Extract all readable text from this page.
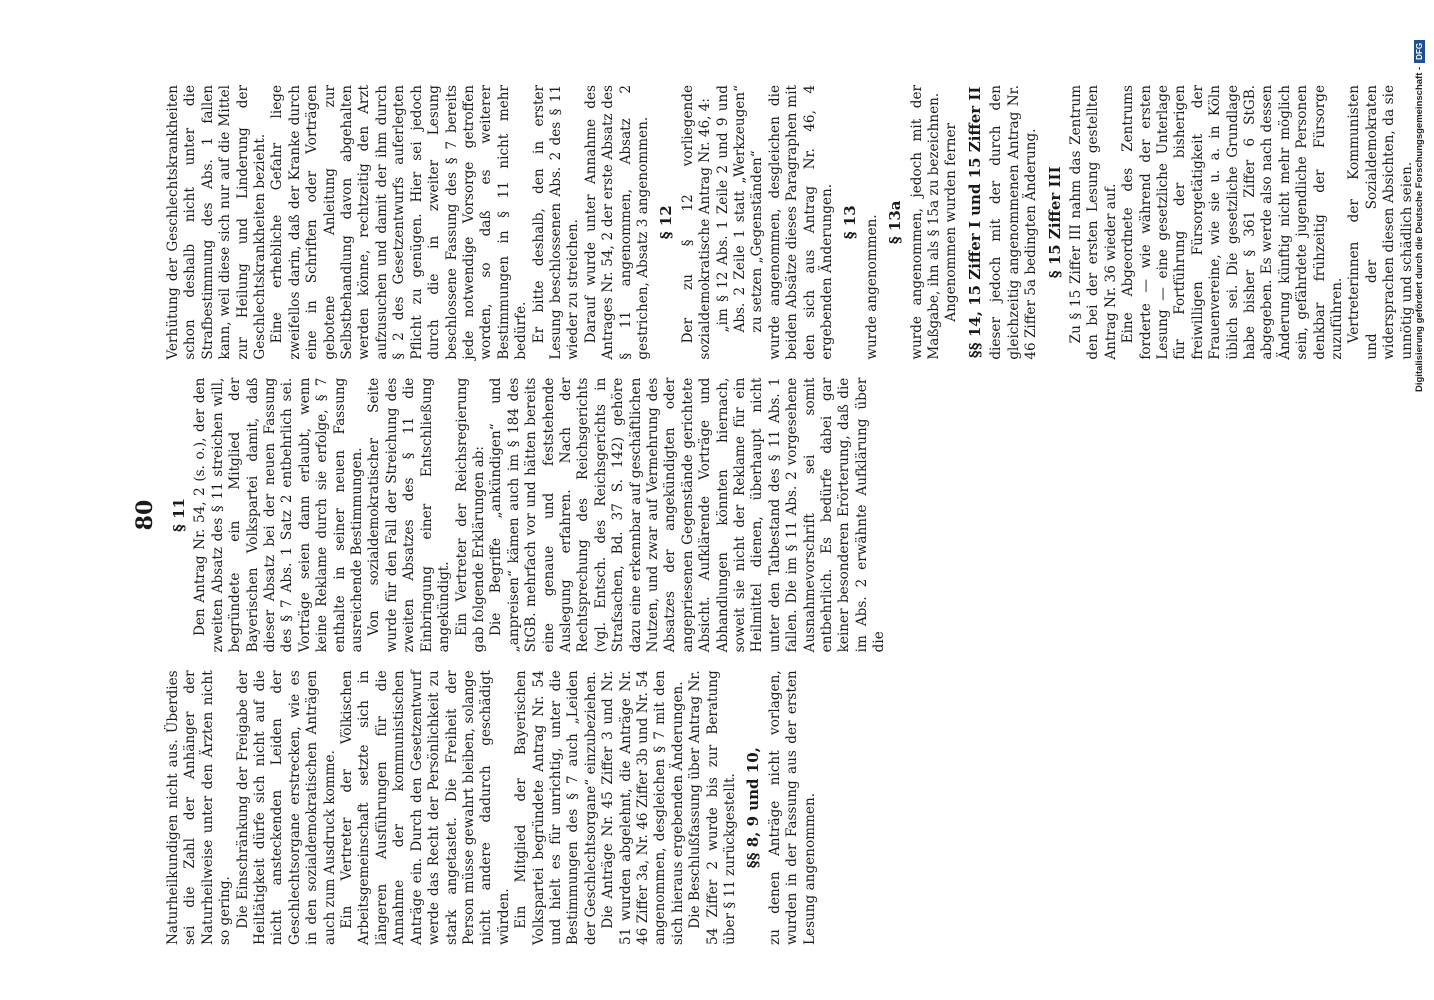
80

Naturheilkundigen nicht aus. Überdies sei die Zahl der Anhänger der Naturheilweise unter den Ärzten nicht so gering. Die Einschränkung der Freigabe der Heiltätigkeit dürfe sich nicht auf die nicht ansteckenden Leiden der Geschlechtsorgane erstrecken, wie es in den sozialdemokratischen Anträgen auch zum Ausdruck komme. Ein Vertreter der Völkischen Arbeitsgemeinschaft setzte sich in längeren Ausführungen für die Annahme der kommunistischen Anträge ein. Durch den Gesetzentwurf werde das Recht der Persönlichkeit zu stark angetastet. Die Freiheit der Person müsse gewahrt bleiben, solange nicht andere dadurch geschädigt würden. Ein Mitglied der Bayerischen Volkspartei begründete Antrag Nr. 54 und hielt es für unrichtig, unter die Bestimmungen des § 7 auch „Leiden der Geschlechtsorgane“ einzubeziehen. Die Anträge Nr. 45 Ziffer 3 und Nr. 51 wurden abgelehnt, die Anträge Nr. 46 Ziffer 3a, Nr. 46 Ziffer 3b und Nr. 54 angenommen, desgleichen § 7 mit den sich hieraus ergebenden Änderungen. Die Beschlußfassung über Antrag Nr. 54 Ziffer 2 wurde bis zur Beratung über § 11 zurückgestellt. §§ 8, 9 und 10, zu denen Anträge nicht vorlagen, wurden in der Fassung aus der ersten Lesung angenommen.

§ 11 Den Antrag Nr. 54, 2 (s. o.), der den zweiten Absatz des § 11 streichen will, begründete ein Mitglied der Bayerischen Volkspartei damit, daß dieser Absatz bei der neuen Fassung des § 7 Abs. 1 Satz 2 entbehrlich sei. Vorträge seien dann erlaubt, wenn keine Reklame durch sie erfolge, § 7 enthalte in seiner neuen Fassung ausreichende Bestimmungen. Von sozialdemokratischer Seite wurde für den Fall der Streichung des zweiten Absatzes des § 11 die Einbringung einer Entschließung angekündigt. Ein Vertreter der Reichsregierung gab folgende Erklärungen ab: Die Begriffe „ankündigen“ und „anpreisen“ kämen auch im § 184 des StGB. mehrfach vor und hätten bereits eine genaue und feststehende Auslegung erfahren. Nach der Rechtsprechung des Reichsgerichts (vgl. Entsch. des Reichsgerichts in Strafsachen, Bd. 37 S. 142) gehöre dazu eine erkennbar auf geschäftlichen Nutzen, und zwar auf Vermehrung des Absatzes der angekündigten oder angepriesenen Gegenstände gerichtete Absicht. Aufklärende Vorträge und Abhandlungen könnten hiernach, soweit sie nicht der Reklame für ein Heilmittel dienen, überhaupt nicht unter den Tatbestand des § 11 Abs. 1 fallen. Die im § 11 Abs. 2 vorgesehene Ausnahmevorschrift sei somit entbehrlich. Es bedürfe dabei gar keiner besonderen Erörterung, daß die im Abs. 2 erwähnte Aufklärung über die

Verhütung der Geschlechtskrankheiten schon deshalb nicht unter die Strafbestimmung des Abs. 1 fallen kann, weil diese sich nur auf die Mittel zur Heilung und Linderung der Geschlechtskrankheiten bezieht. Eine erhebliche Gefahr liege zweifellos darin, daß der Kranke durch eine in Schriften oder Vorträgen gebotene Anleitung zur Selbstbehandlung davon abgehalten werden könne, rechtzeitig den Arzt aufzusuchen und damit der ihm durch § 2 des Gesetzentwurfs auferlegten Pflicht zu genügen. Hier sei jedoch durch die in zweiter Lesung beschlossene Fassung des § 7 bereits jede notwendige Vorsorge getroffen worden, so daß es weiterer Bestimmungen in § 11 nicht mehr bedürfe. Er bitte deshalb, den in erster Lesung beschlossenen Abs. 2 des § 11 wieder zu streichen. Darauf wurde unter Annahme des Antrages Nr. 54, 2 der erste Absatz des § 11 angenommen, Absatz 2 gestrichen, Absatz 3 angenommen. § 12 Der zu § 12 vorliegende sozialdemokratische Antrag Nr. 46, 4: „im § 12 Abs. 1 Zeile 2 und 9 und Abs. 2 Zeile 1 statt „Werkzeugen“ zu setzen „Gegenständen“ wurde angenommen, desgleichen die beiden Absätze dieses Paragraphen mit den sich aus Antrag Nr. 46, 4 ergebenden Änderungen. § 13 wurde angenommen. § 13a wurde angenommen, jedoch mit der Maßgabe, ihn als § 15a zu bezeichnen. Angenommen wurden ferner §§ 14, 15 Ziffer I und 15 Ziffer II dieser jedoch mit der durch den gleichzeitig angenommenen Antrag Nr. 46 Ziffer 5a bedingten Änderung. § 15 Ziffer III Zu § 15 Ziffer III nahm das Zentrum den bei der ersten Lesung gestellten Antrag Nr. 36 wieder auf. Eine Abgeordnete des Zentrums forderte — wie während der ersten Lesung — eine gesetzliche Unterlage für Fortführung der bisherigen freiwilligen Fürsorgetätigkeit der Frauenvereine, wie sie u. a. in Köln üblich sei. Die gesetzliche Grundlage habe bisher § 361 Ziffer 6 StGB. abgegeben. Es werde also nach dessen Änderung künftig nicht mehr möglich sein, gefährdete jugendliche Personen denkbar frühzeitig der Fürsorge zuzuführen. Vertreterinnen der Kommunisten und der Sozialdemokraten widersprachen diesen Absichten, da sie unnötig und schädlich seien.

Digitalisierung gefördert durch die Deutsche Forschungsgemeinschaft -
DFG
